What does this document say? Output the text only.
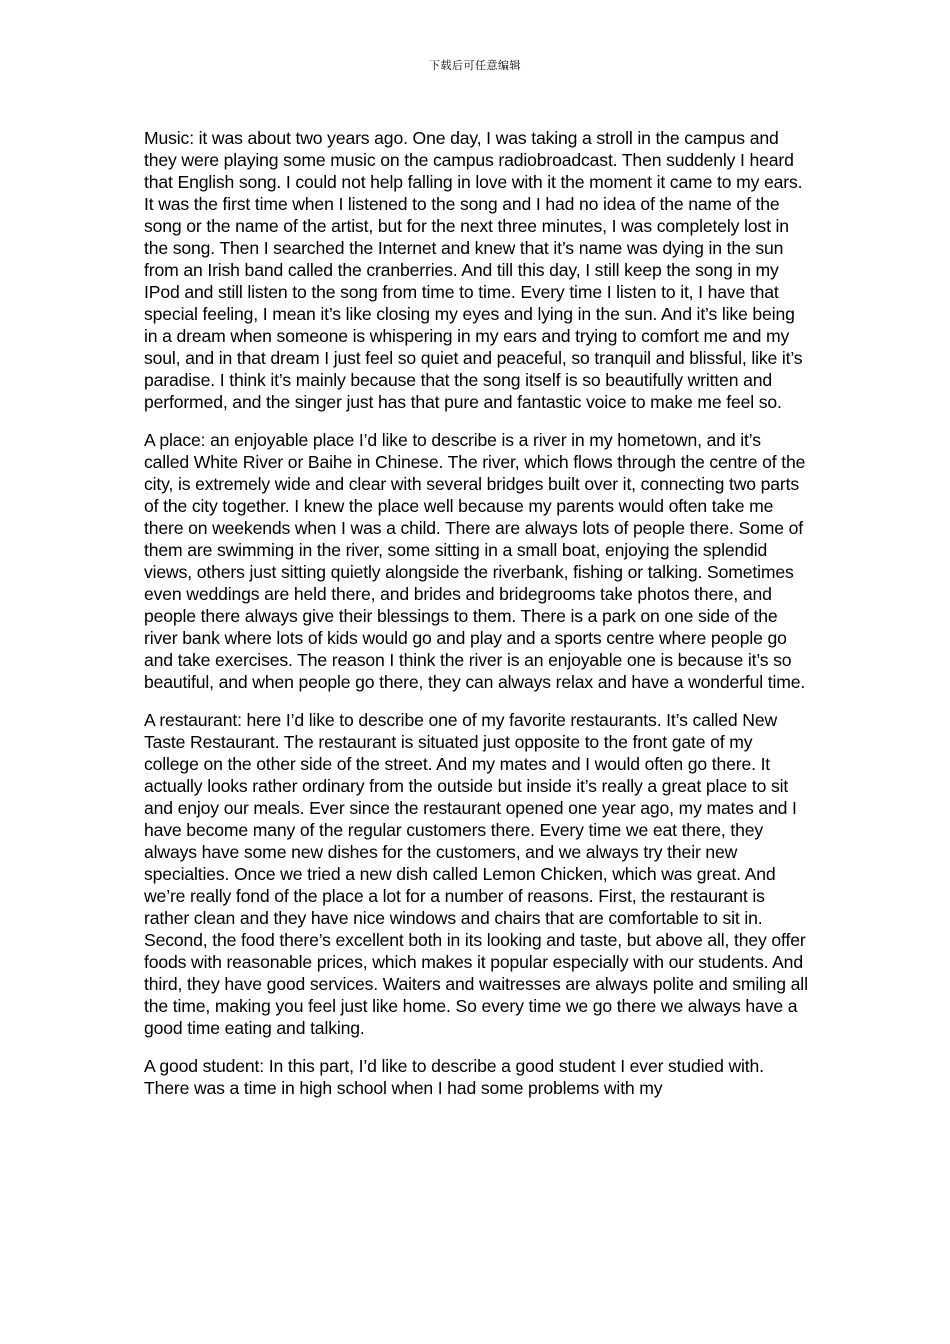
下载后可任意编辑

Music: it was about two years ago. One day, I was taking a stroll in the campus and they were playing some music on the campus radiobroadcast. Then suddenly I heard that English song. I could not help falling in love with it the moment it came to my ears. It was the first time when I listened to the song and I had no idea of the name of the song or the name of the artist, but for the next three minutes, I was completely lost in the song. Then I searched the Internet and knew that it’s name was dying in the sun from an Irish band called the cranberries. And till this day, I still keep the song in my IPod and still listen to the song from time to time. Every time I listen to it, I have that special feeling, I mean it’s like closing my eyes and lying in the sun. And it’s like being in a dream when someone is whispering in my ears and trying to comfort me and my soul, and in that dream I just feel so quiet and peaceful, so tranquil and blissful, like it’s paradise. I think it’s mainly because that the song itself is so beautifully written and performed, and the singer just has that pure and fantastic voice to make me feel so.

A place: an enjoyable place I’d like to describe is a river in my hometown, and it’s called White River or Baihe in Chinese. The river, which flows through the centre of the city, is extremely wide and clear with several bridges built over it, connecting two parts of the city together. I knew the place well because my parents would often take me there on weekends when I was a child. There are always lots of people there. Some of them are swimming in the river, some sitting in a small boat, enjoying the splendid views, others just sitting quietly alongside the riverbank, fishing or talking. Sometimes even weddings are held there, and brides and bridegrooms take photos there, and people there always give their blessings to them. There is a park on one side of the river bank where lots of kids would go and play and a sports centre where people go and take exercises. The reason I think the river is an enjoyable one is because it’s so beautiful, and when people go there, they can always relax and have a wonderful time.

A restaurant: here I’d like to describe one of my favorite restaurants. It’s called New Taste Restaurant. The restaurant is situated just opposite to the front gate of my college on the other side of the street. And my mates and I would often go there. It actually looks rather ordinary from the outside but inside it’s really a great place to sit and enjoy our meals. Ever since the restaurant opened one year ago, my mates and I have become many of the regular customers there. Every time we eat there, they always have some new dishes for the customers, and we always try their new specialties. Once we tried a new dish called Lemon Chicken, which was great. And we’re really fond of the place a lot for a number of reasons. First, the restaurant is rather clean and they have nice windows and chairs that are comfortable to sit in. Second, the food there’s excellent both in its looking and taste, but above all, they offer foods with reasonable prices, which makes it popular especially with our students. And third, they have good services. Waiters and waitresses are always polite and smiling all the time, making you feel just like home. So every time we go there we always have a good time eating and talking.

A good student: In this part, I’d like to describe a good student I ever studied with. There was a time in high school when I had some problems with my
